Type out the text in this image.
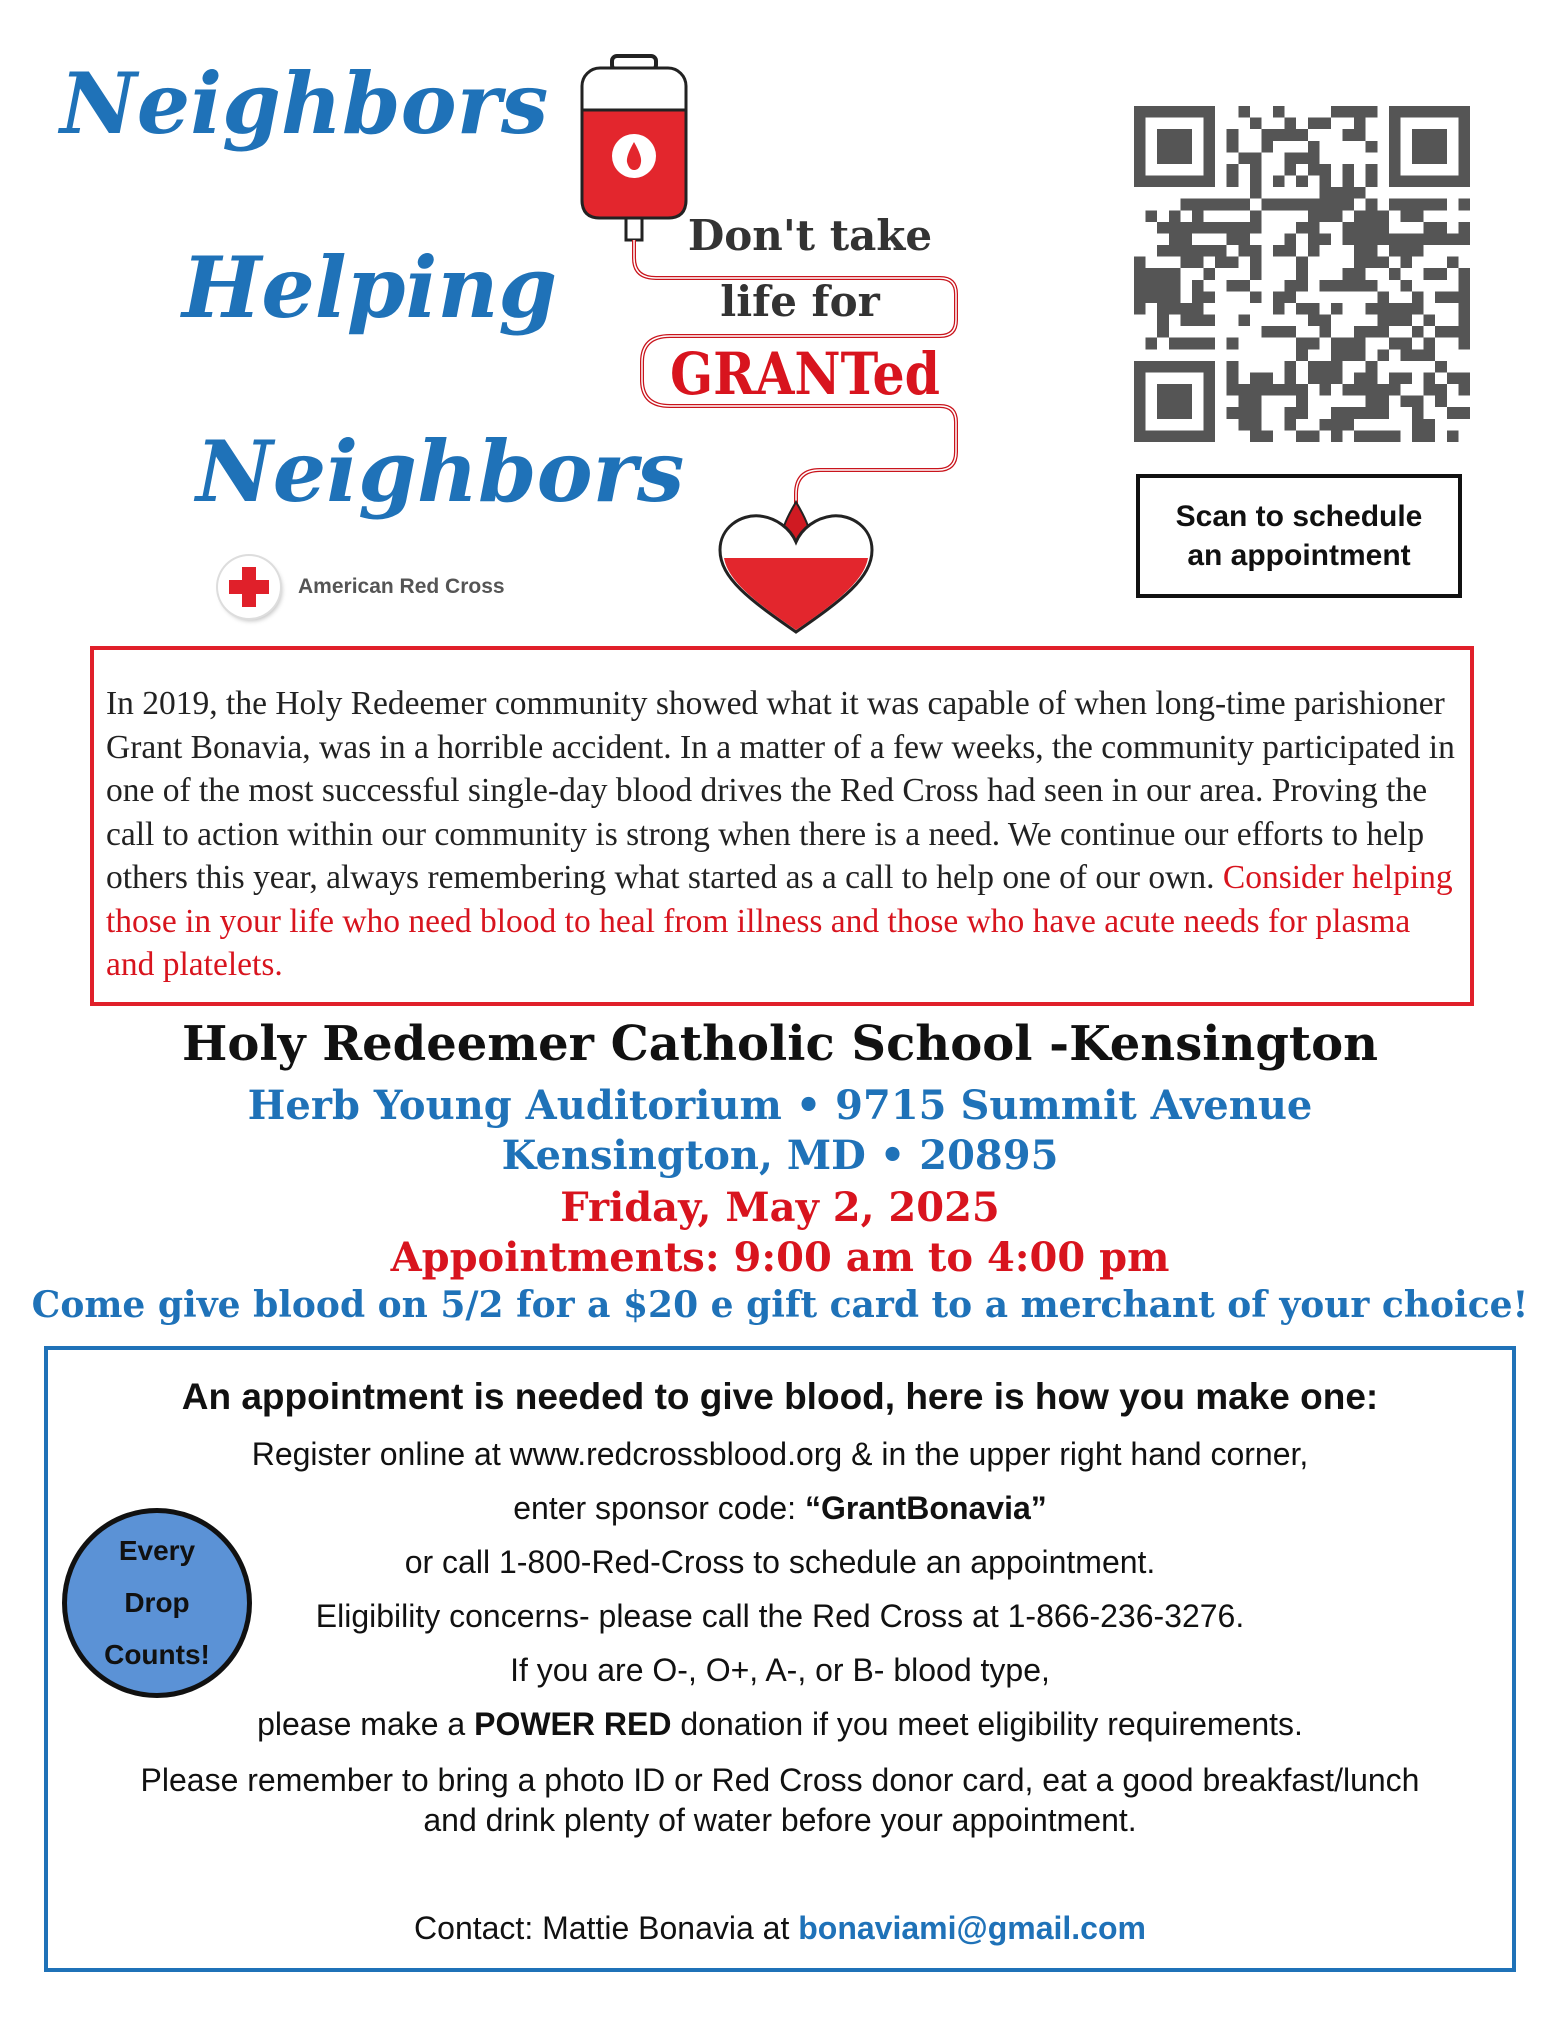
Neighbors
Helping
Neighbors
American Red Cross
Don't take
life for
GRANTed
Scan to schedule
an appointment
In 2019, the Holy Redeemer community showed what it was capable of when long-time parishioner Grant Bonavia, was in a horrible accident. In a matter of a few weeks, the community participated in one of the most successful single-day blood drives the Red Cross had seen in our area. Proving the call to action within our community is strong when there is a need. We continue our efforts to help others this year, always remembering what started as a call to help one of our own. Consider helping those in your life who need blood to heal from illness and those who have acute needs for plasma and platelets.
Holy Redeemer Catholic School -Kensington
Herb Young Auditorium • 9715 Summit Avenue
Kensington, MD • 20895
Friday, May 2, 2025
Appointments: 9:00 am to 4:00 pm
Come give blood on 5/2 for a $20 e gift card to a merchant of your choice!
An appointment is needed to give blood, here is how you make one:
Register online at www.redcrossblood.org & in the upper right hand corner,
enter sponsor code: “GrantBonavia”
or call 1-800-Red-Cross to schedule an appointment.
Eligibility concerns- please call the Red Cross at 1-866-236-3276.
If you are O-, O+, A-, or B- blood type,
please make a POWER RED donation if you meet eligibility requirements.
Please remember to bring a photo ID or Red Cross donor card, eat a good breakfast/lunch
and drink plenty of water before your appointment.
Contact: Mattie Bonavia at bonaviami@gmail.com
Every
Drop
Counts!
